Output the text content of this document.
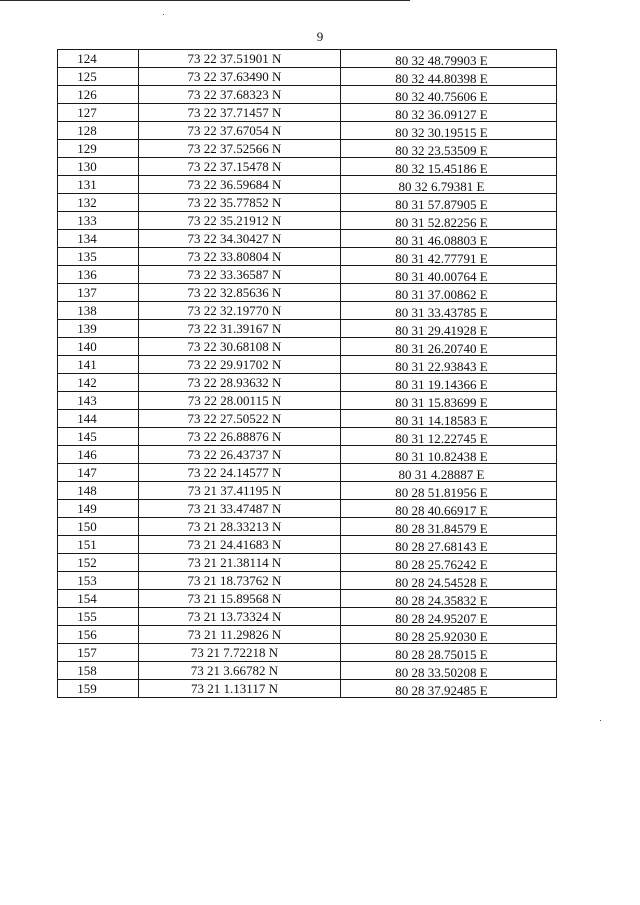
9
124	73 22 37.51901 N	80 32 48.79903 E
125	73 22 37.63490 N	80 32 44.80398 E
126	73 22 37.68323 N	80 32 40.75606 E
127	73 22 37.71457 N	80 32 36.09127 E
128	73 22 37.67054 N	80 32 30.19515 E
129	73 22 37.52566 N	80 32 23.53509 E
130	73 22 37.15478 N	80 32 15.45186 E
131	73 22 36.59684 N	80 32 6.79381 E
132	73 22 35.77852 N	80 31 57.87905 E
133	73 22 35.21912 N	80 31 52.82256 E
134	73 22 34.30427 N	80 31 46.08803 E
135	73 22 33.80804 N	80 31 42.77791 E
136	73 22 33.36587 N	80 31 40.00764 E
137	73 22 32.85636 N	80 31 37.00862 E
138	73 22 32.19770 N	80 31 33.43785 E
139	73 22 31.39167 N	80 31 29.41928 E
140	73 22 30.68108 N	80 31 26.20740 E
141	73 22 29.91702 N	80 31 22.93843 E
142	73 22 28.93632 N	80 31 19.14366 E
143	73 22 28.00115 N	80 31 15.83699 E
144	73 22 27.50522 N	80 31 14.18583 E
145	73 22 26.88876 N	80 31 12.22745 E
146	73 22 26.43737 N	80 31 10.82438 E
147	73 22 24.14577 N	80 31 4.28887 E
148	73 21 37.41195 N	80 28 51.81956 E
149	73 21 33.47487 N	80 28 40.66917 E
150	73 21 28.33213 N	80 28 31.84579 E
151	73 21 24.41683 N	80 28 27.68143 E
152	73 21 21.38114 N	80 28 25.76242 E
153	73 21 18.73762 N	80 28 24.54528 E
154	73 21 15.89568 N	80 28 24.35832 E
155	73 21 13.73324 N	80 28 24.95207 E
156	73 21 11.29826 N	80 28 25.92030 E
157	73 21 7.72218 N	80 28 28.75015 E
158	73 21 3.66782 N	80 28 33.50208 E
159	73 21 1.13117 N	80 28 37.92485 E
